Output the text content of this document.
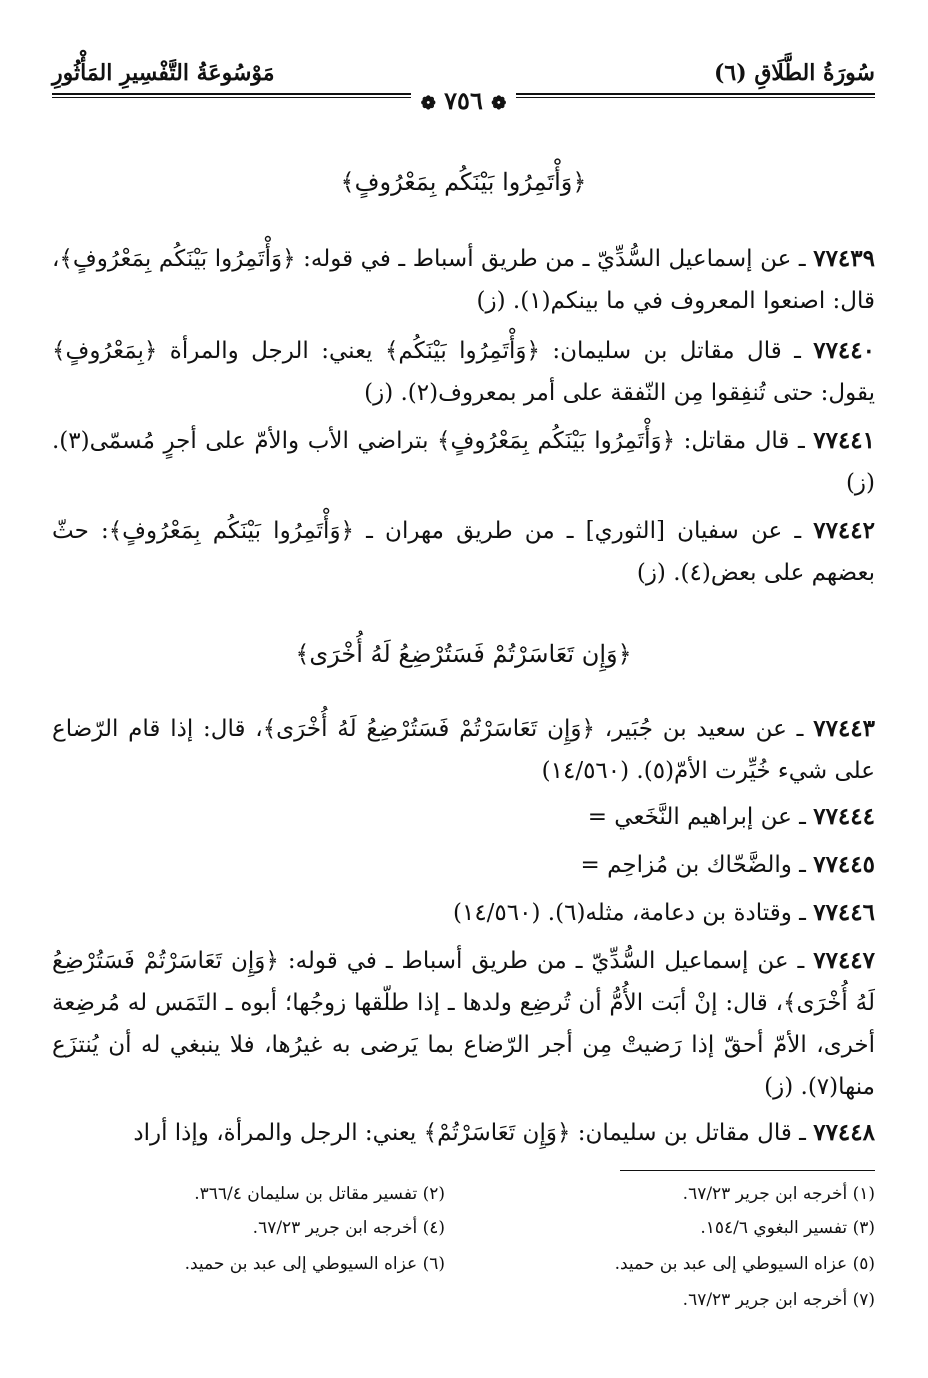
سُورَةُ الطَّلَاقِ (٦)
مَوْسُوعَةُ التَّفْسِيرِ المَأْثُورِ
❁ ٧٥٦ ❁
﴿وَأْتَمِرُوا بَيْنَكُم بِمَعْرُوفٍ﴾
٧٧٤٣٩ ـ عن إسماعيل السُّدِّيّ ـ من طريق أسباط ـ في قوله: ﴿وَأْتَمِرُوا بَيْنَكُم بِمَعْرُوفٍ﴾، قال: اصنعوا المعروف في ما بينكم(١). (ز)
٧٧٤٤٠ ـ قال مقاتل بن سليمان: ﴿وَأْتَمِرُوا بَيْنَكُم﴾ يعني: الرجل والمرأة ﴿بِمَعْرُوفٍ﴾ يقول: حتى تُنفِقوا مِن النّفقة على أمر بمعروف(٢). (ز)
٧٧٤٤١ ـ قال مقاتل: ﴿وَأْتَمِرُوا بَيْنَكُم بِمَعْرُوفٍ﴾ بتراضي الأب والأمّ على أجرٍ مُسمّى(٣). (ز)
٧٧٤٤٢ ـ عن سفيان [الثوري] ـ من طريق مهران ـ ﴿وَأْتَمِرُوا بَيْنَكُم بِمَعْرُوفٍ﴾: حثّ بعضهم على بعض(٤). (ز)
﴿وَإِن تَعَاسَرْتُمْ فَسَتُرْضِعُ لَهُ أُخْرَى﴾
٧٧٤٤٣ ـ عن سعيد بن جُبَير، ﴿وَإِن تَعَاسَرْتُمْ فَسَتُرْضِعُ لَهُ أُخْرَى﴾، قال: إذا قام الرّضاع على شيء خُيِّرت الأمّ(٥). (١٤/٥٦٠)
٧٧٤٤٤ ـ عن إبراهيم النَّخَعي =
٧٧٤٤٥ ـ والضَّحّاك بن مُزاحِم =
٧٧٤٤٦ ـ وقتادة بن دعامة، مثله(٦). (١٤/٥٦٠)
٧٧٤٤٧ ـ عن إسماعيل السُّدِّيّ ـ من طريق أسباط ـ في قوله: ﴿وَإِن تَعَاسَرْتُمْ فَسَتُرْضِعُ لَهُ أُخْرَى﴾، قال: إنْ أبَت الأُمُّ أن تُرضِع ولدها ـ إذا طلّقها زوجُها؛ أبوه ـ التَمَس له مُرضِعة أخرى، الأمّ أحقّ إذا رَضيتْ مِن أجر الرّضاع بما يَرضى به غيرُها، فلا ينبغي له أن يُنتزَع منها(٧). (ز)
٧٧٤٤٨ ـ قال مقاتل بن سليمان: ﴿وَإِن تَعَاسَرْتُمْ﴾ يعني: الرجل والمرأة، وإذا أراد
(١) أخرجه ابن جرير ٦٧/٢٣.
(٢) تفسير مقاتل بن سليمان ٣٦٦/٤.
(٣) تفسير البغوي ١٥٤/٦.
(٤) أخرجه ابن جرير ٦٧/٢٣.
(٥) عزاه السيوطي إلى عبد بن حميد.
(٦) عزاه السيوطي إلى عبد بن حميد.
(٧) أخرجه ابن جرير ٦٧/٢٣.
